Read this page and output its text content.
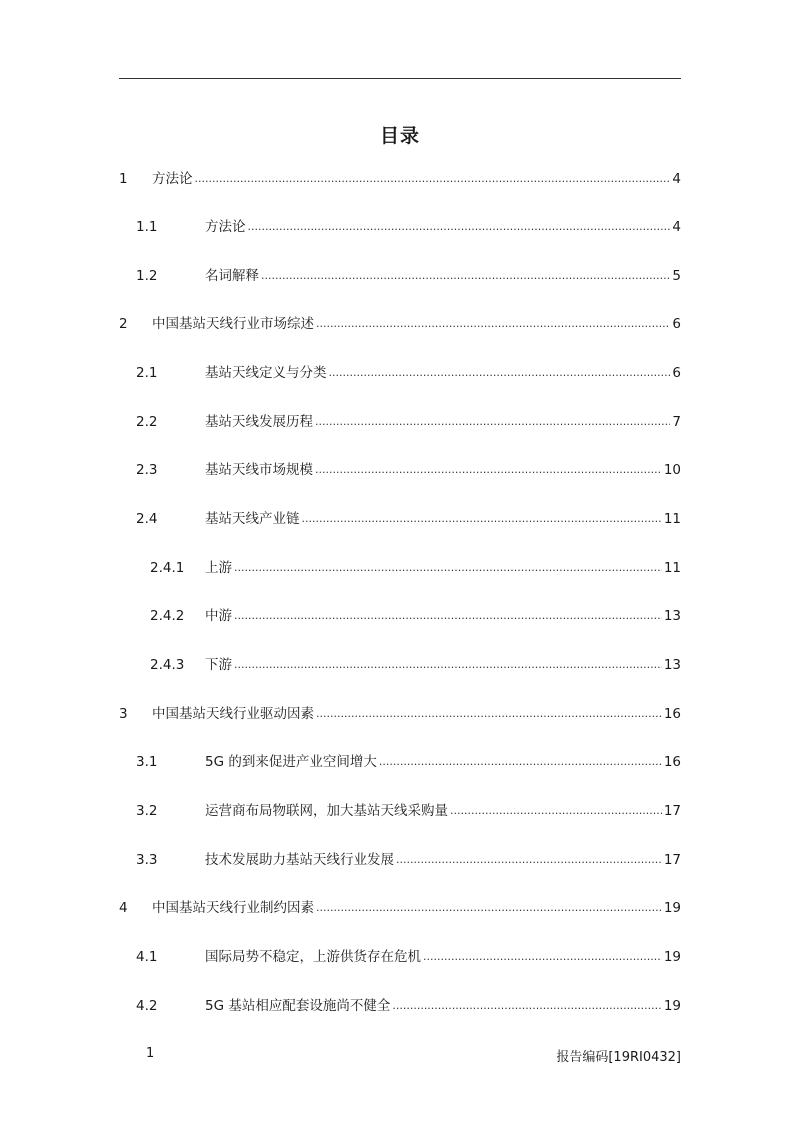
目录
1	方法论 .....	4
1.1	方法论 .....	4
1.2	名词解释 .....	5
2	中国基站天线行业市场综述 .....	6
2.1	基站天线定义与分类 .....	6
2.2	基站天线发展历程 .....	7
2.3	基站天线市场规模 .....	10
2.4	基站天线产业链 .....	11
2.4.1	上游 .....	11
2.4.2	中游 .....	13
2.4.3	下游 .....	13
3	中国基站天线行业驱动因素 .....	16
3.1	5G 的到来促进产业空间增大 .....	16
3.2	运营商布局物联网，加大基站天线采购量 .....	17
3.3	技术发展助力基站天线行业发展 .....	17
4	中国基站天线行业制约因素 .....	19
4.1	国际局势不稳定，上游供货存在危机 .....	19
4.2	5G 基站相应配套设施尚不健全 .....	19
1	报告编码[19RI0432]
